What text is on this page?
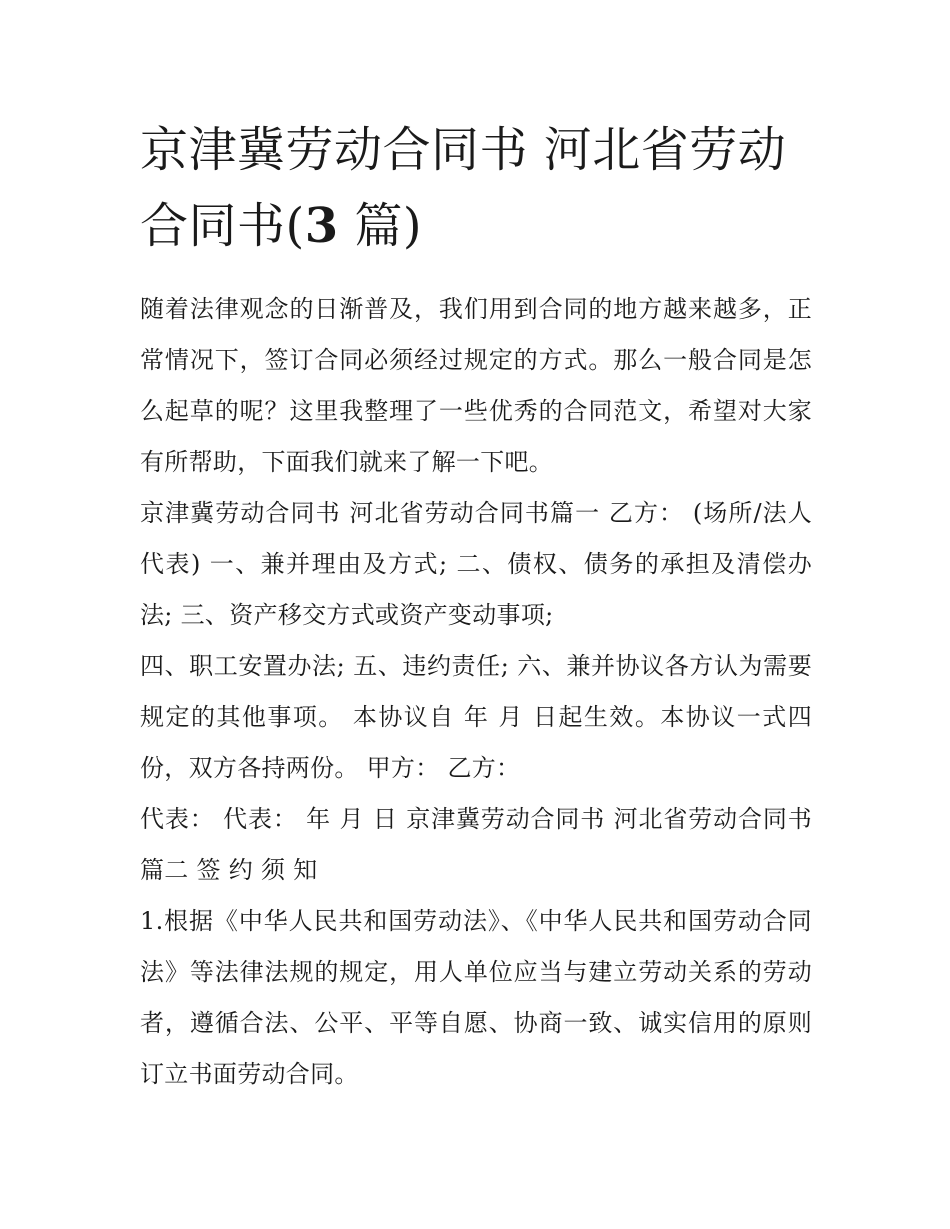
京津冀劳动合同书 河北省劳动合同书(3 篇)

随着法律观念的日渐普及，我们用到合同的地方越来越多，正常情况下，签订合同必须经过规定的方式。那么一般合同是怎么起草的呢？这里我整理了一些优秀的合同范文，希望对大家有所帮助，下面我们就来了解一下吧。

京津冀劳动合同书 河北省劳动合同书篇一 乙方： (场所/法人代表) 一、兼并理由及方式; 二、债权、债务的承担及清偿办法; 三、资产移交方式或资产变动事项;

四、职工安置办法; 五、违约责任; 六、兼并协议各方认为需要规定的其他事项。 本协议自 年 月 日起生效。本协议一式四份，双方各持两份。 甲方： 乙方：

代表： 代表： 年 月 日 京津冀劳动合同书 河北省劳动合同书篇二 签 约 须 知

1.根据《中华人民共和国劳动法》、《中华人民共和国劳动合同法》等法律法规的规定，用人单位应当与建立劳动关系的劳动者，遵循合法、公平、平等自愿、协商一致、诚实信用的原则订立书面劳动合同。
